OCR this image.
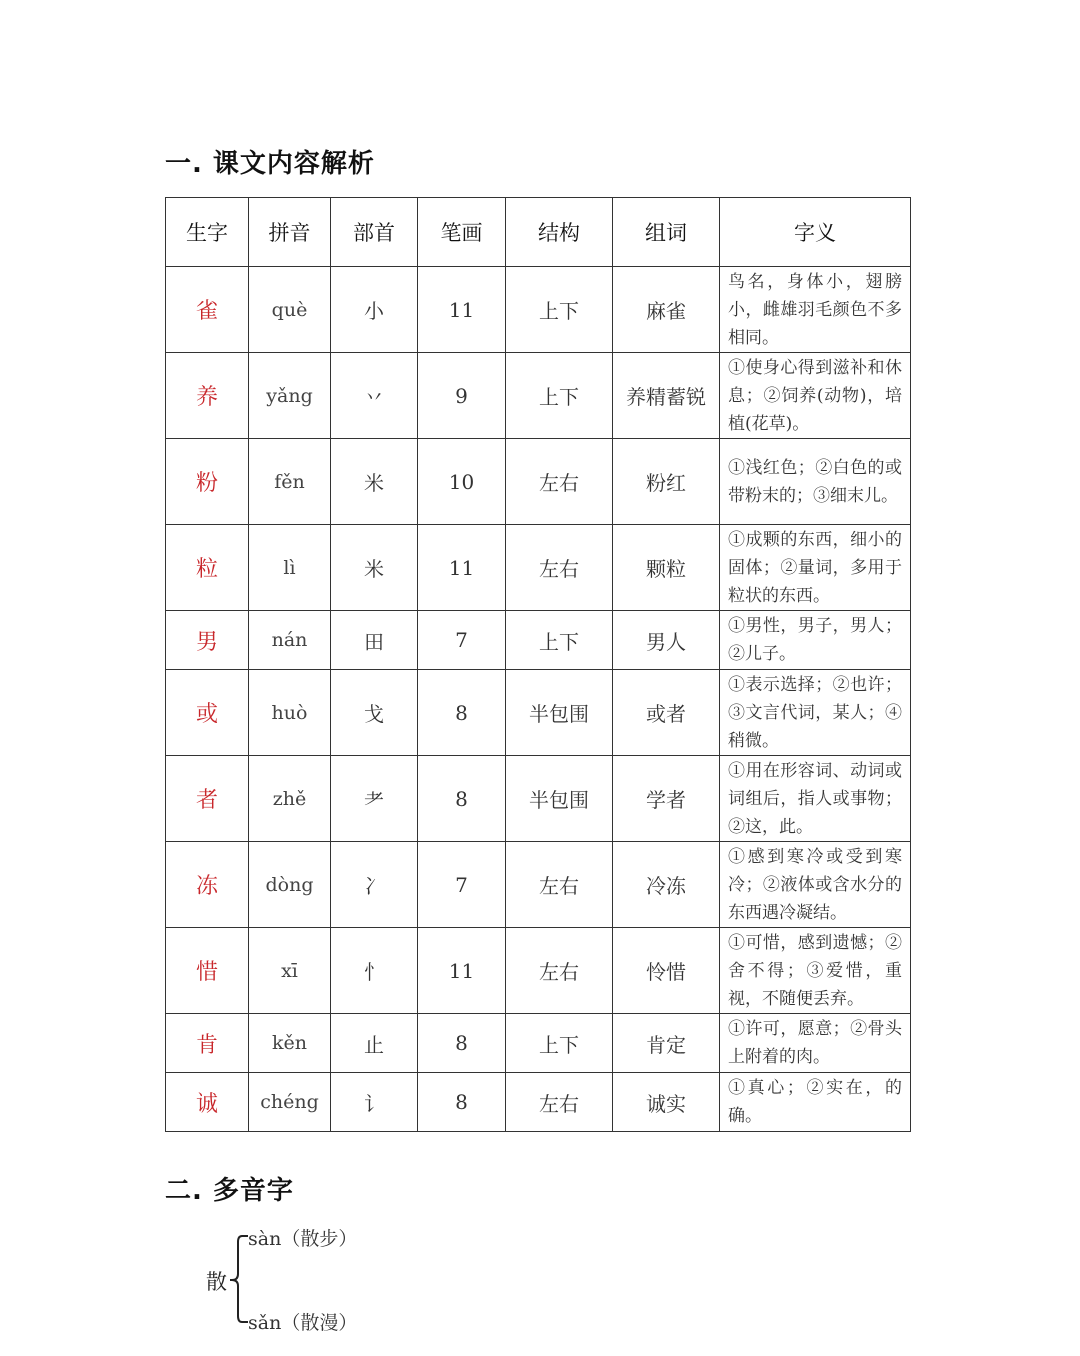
一. 课文内容解析
生字	拼音	部首	笔画	结构	组词	字义
雀	què	小	11	上下	麻雀	鸟名，身体小，翅膀小，雌雄羽毛颜色不多相同。
养	yǎng	丷	9	上下	养精蓄锐	①使身心得到滋补和休息；②饲养(动物)，培植(花草)。
粉	fěn	米	10	左右	粉红	①浅红色；②白色的或带粉末的；③细末儿。
粒	lì	米	11	左右	颗粒	①成颗的东西，细小的固体；②量词，多用于粒状的东西。
男	nán	田	7	上下	男人	①男性，男子，男人；②儿子。
或	huò	戈	8	半包围	或者	①表示选择；②也许；③文言代词，某人；④稍微。
者	zhě	耂	8	半包围	学者	①用在形容词、动词或词组后，指人或事物；②这，此。
冻	dòng	冫	7	左右	冷冻	①感到寒冷或受到寒冷；②液体或含水分的东西遇冷凝结。
惜	xī	忄	11	左右	怜惜	①可惜，感到遗憾；②舍不得；③爱惜，重视，不随便丢弃。
肯	kěn	止	8	上下	肯定	①许可，愿意；②骨头上附着的肉。
诚	chéng	讠	8	左右	诚实	①真心；②实在，的确。
二. 多音字
散
sàn（散步）
sǎn（散漫）
